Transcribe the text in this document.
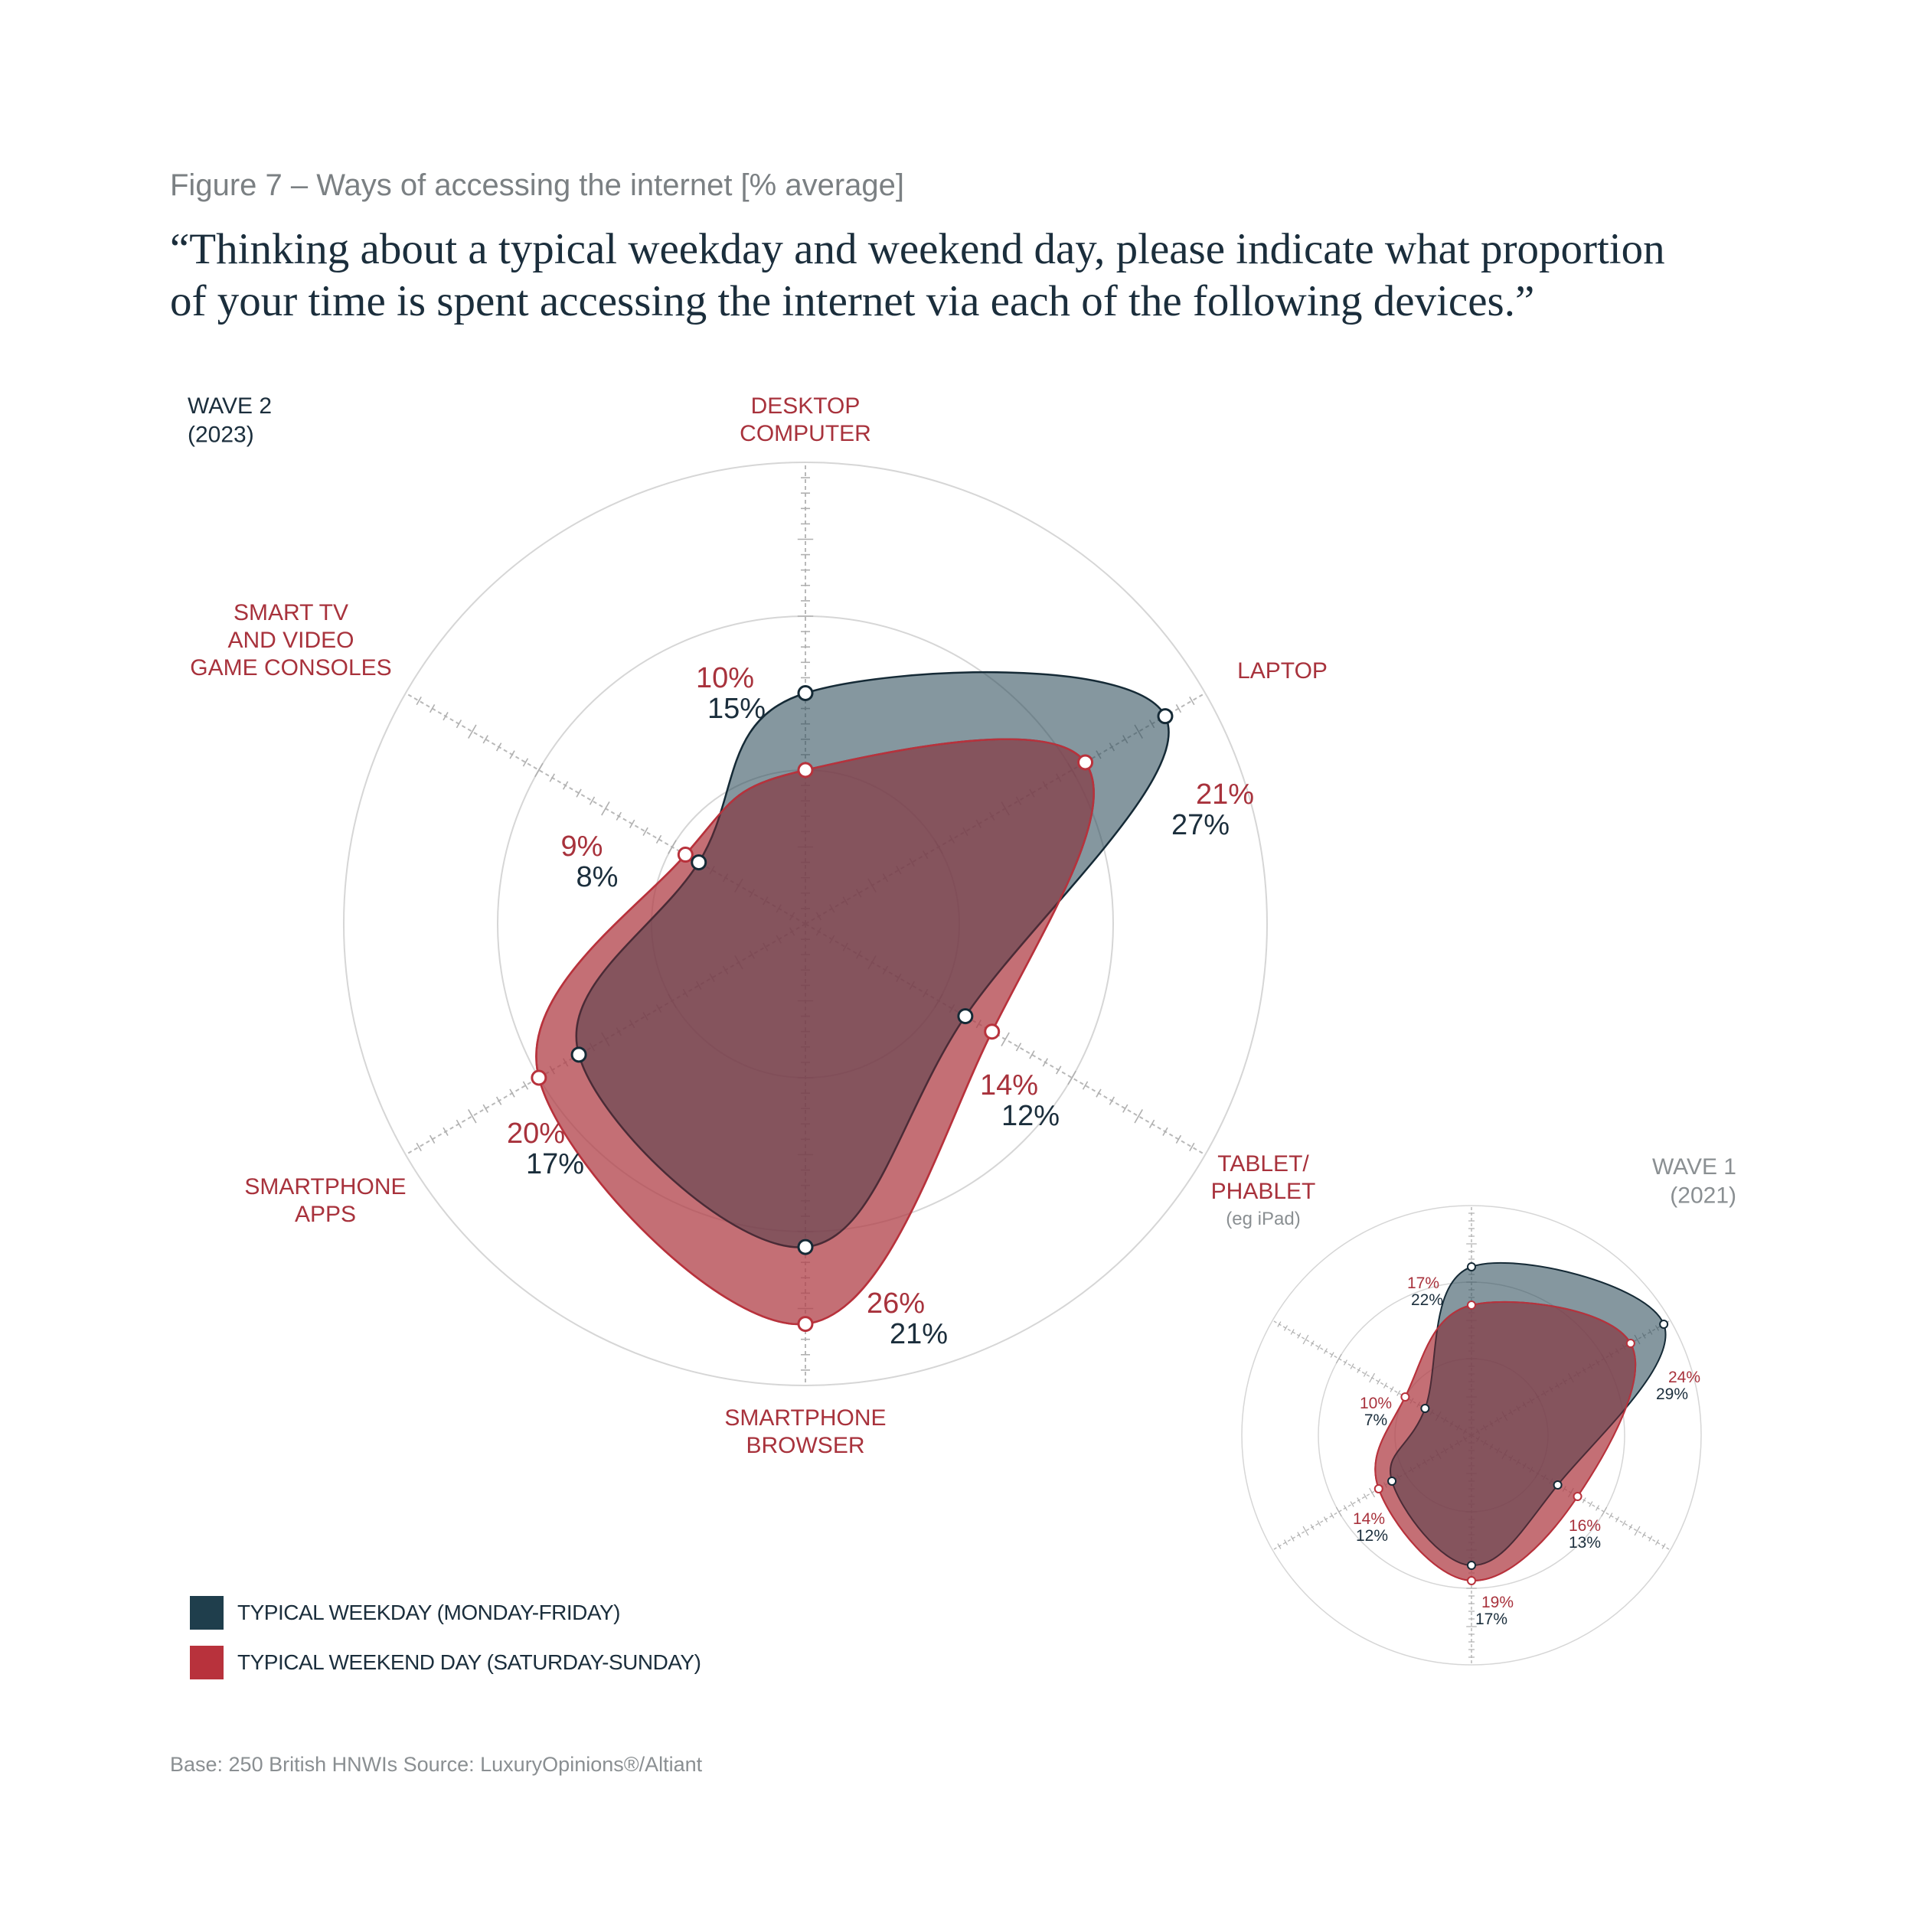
Figure 7 – Ways of accessing the internet [% average]
“Thinking about a typical weekday and weekend day, please indicate what proportion
of your time is spent accessing the internet via each of the following devices.”
10%
15%
21%
27%
14%
12%
26%
21%
20%
17%
9%
8%
DESKTOP COMPUTER
LAPTOP
TABLET/ PHABLET
SMARTPHONE BROWSER
SMARTPHONE APPS
SMART TV AND VIDEO GAME CONSOLES
(eg iPad)
WAVE 2 (2023)
17%
22%
24%
29%
16%
13%
19%
17%
14%
12%
10%
7%
WAVE 1 (2021)
TYPICAL WEEKDAY (MONDAY-FRIDAY)
TYPICAL WEEKEND DAY (SATURDAY-SUNDAY)
Base: 250 British HNWIs Source: LuxuryOpinions®/Altiant
